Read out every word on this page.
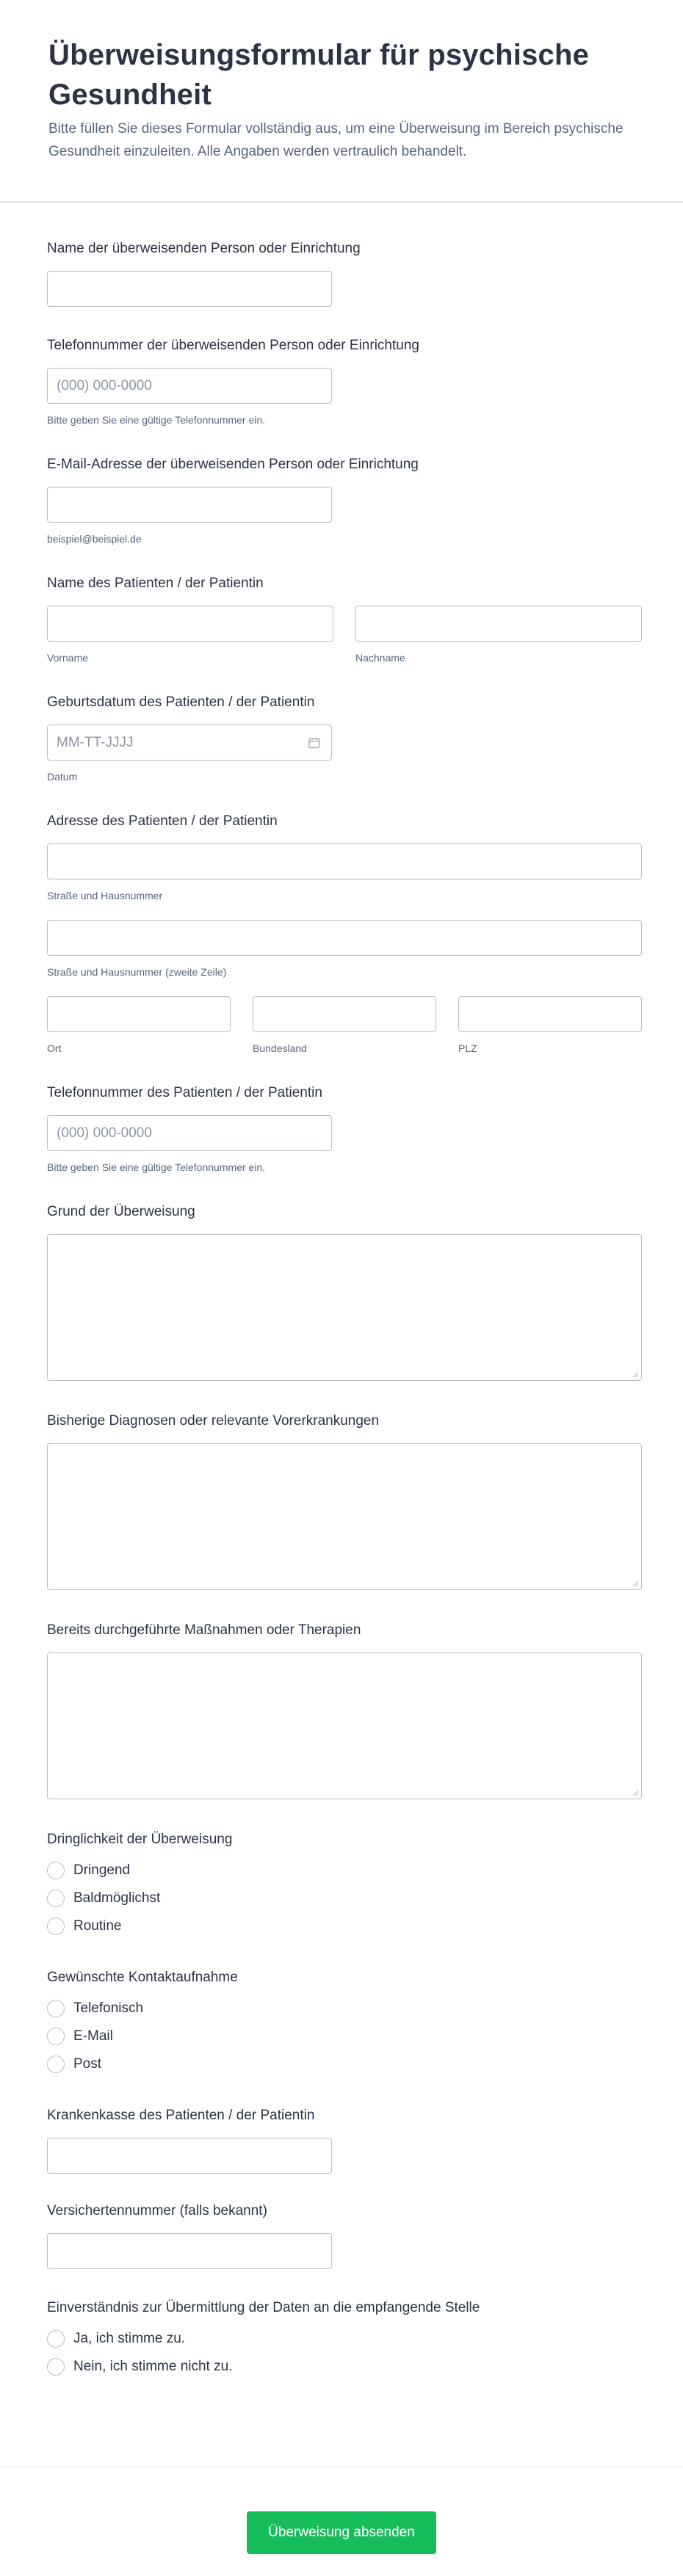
Überweisungsformular für psychische Gesundheit

Bitte füllen Sie dieses Formular vollständig aus, um eine Überweisung im Bereich psychische Gesundheit einzuleiten. Alle Angaben werden vertraulich behandelt.

Name der überweisenden Person oder Einrichtung
Telefonnummer der überweisenden Person oder Einrichtung
(000) 000-0000
Bitte geben Sie eine gültige Telefonnummer ein.
E-Mail-Adresse der überweisenden Person oder Einrichtung
beispiel@beispiel.de
Name des Patienten / der Patientin
Vorname	Nachname
Geburtsdatum des Patienten / der Patientin
MM-TT-JJJJ
Datum
Adresse des Patienten / der Patientin
Straße und Hausnummer
Straße und Hausnummer (zweite Zeile)
Ort	Bundesland	PLZ
Telefonnummer des Patienten / der Patientin
(000) 000-0000
Bitte geben Sie eine gültige Telefonnummer ein.
Grund der Überweisung
Bisherige Diagnosen oder relevante Vorerkrankungen
Bereits durchgeführte Maßnahmen oder Therapien
Dringlichkeit der Überweisung
Dringend
Baldmöglichst
Routine
Gewünschte Kontaktaufnahme
Telefonisch
E-Mail
Post
Krankenkasse des Patienten / der Patientin
Versichertennummer (falls bekannt)
Einverständnis zur Übermittlung der Daten an die empfangende Stelle
Ja, ich stimme zu.
Nein, ich stimme nicht zu.
Überweisung absenden
